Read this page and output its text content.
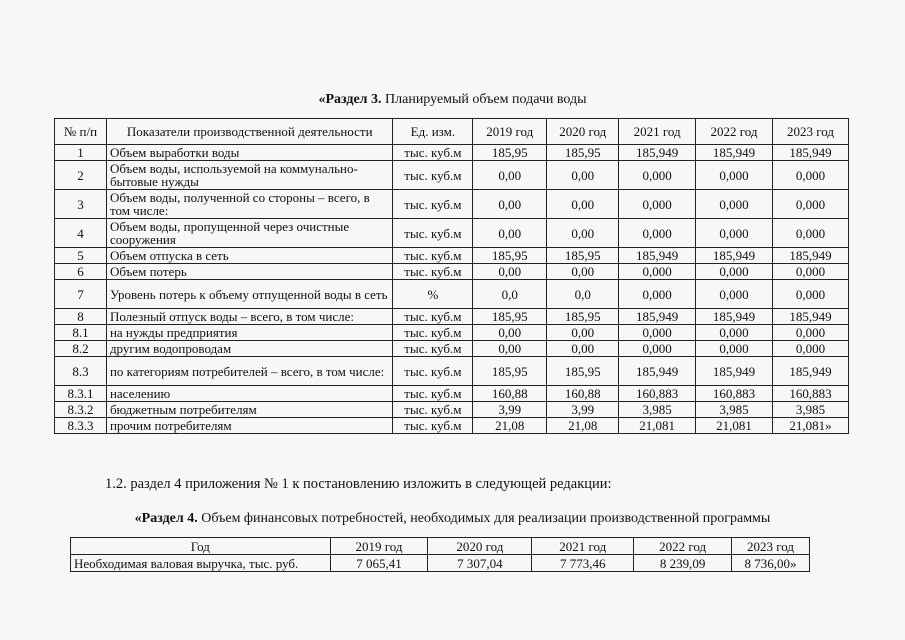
«Раздел 3. Планируемый объем подачи воды
№ п/п	Показатели производственной деятельности	Ед. изм.	2019 год	2020 год	2021 год	2022 год	2023 год
1	Объем выработки воды	тыс. куб.м	185,95	185,95	185,949	185,949	185,949
2	Объем воды, используемой на коммунально-бытовые нужды	тыс. куб.м	0,00	0,00	0,000	0,000	0,000
3	Объем воды, полученной со стороны – всего, в том числе:	тыс. куб.м	0,00	0,00	0,000	0,000	0,000
4	Объем воды, пропущенной через очистные сооружения	тыс. куб.м	0,00	0,00	0,000	0,000	0,000
5	Объем отпуска в сеть	тыс. куб.м	185,95	185,95	185,949	185,949	185,949
6	Объем потерь	тыс. куб.м	0,00	0,00	0,000	0,000	0,000
7	Уровень потерь к объему отпущенной воды в сеть	%	0,0	0,0	0,000	0,000	0,000
8	Полезный отпуск воды – всего, в том числе:	тыс. куб.м	185,95	185,95	185,949	185,949	185,949
8.1	на нужды предприятия	тыс. куб.м	0,00	0,00	0,000	0,000	0,000
8.2	другим водопроводам	тыс. куб.м	0,00	0,00	0,000	0,000	0,000
8.3	по категориям потребителей – всего, в том числе:	тыс. куб.м	185,95	185,95	185,949	185,949	185,949
8.3.1	населению	тыс. куб.м	160,88	160,88	160,883	160,883	160,883
8.3.2	бюджетным потребителям	тыс. куб.м	3,99	3,99	3,985	3,985	3,985
8.3.3	прочим потребителям	тыс. куб.м	21,08	21,08	21,081	21,081	21,081»
1.2. раздел 4 приложения № 1 к постановлению изложить в следующей редакции:
«Раздел 4. Объем финансовых потребностей, необходимых для реализации производственной программы
Год	2019 год	2020 год	2021 год	2022 год	2023 год
Необходимая валовая выручка, тыс. руб.	7 065,41	7 307,04	7 773,46	8 239,09	8 736,00»
